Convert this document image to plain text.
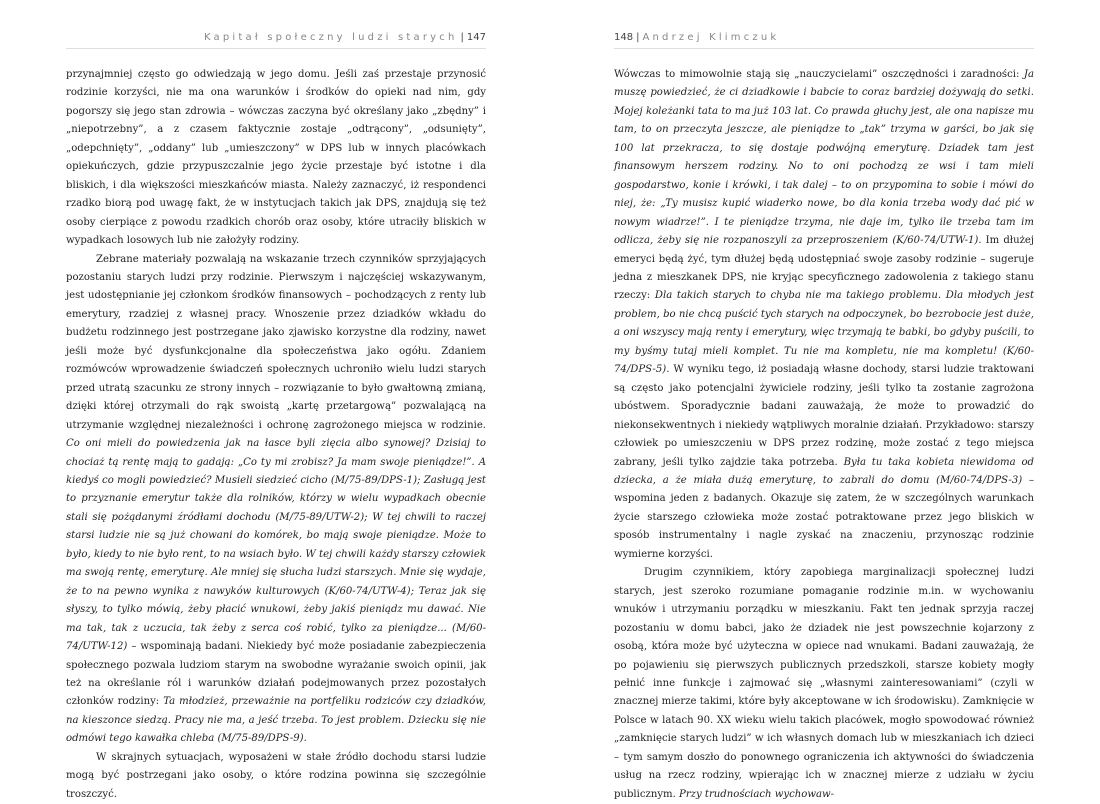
Kapitał społeczny ludzi starych | 147

przynajmniej często go odwiedzają w jego domu. Jeśli zaś przestaje przynosić rodzinie korzyści, nie ma ona warunków i środków do opieki nad nim, gdy pogorszy się jego stan zdrowia – wówczas zaczyna być określany jako „zbędny” i „niepotrzebny”, a z czasem faktycznie zostaje „odtrącony”, „odsunięty”, „odepchnięty”, „oddany” lub „umieszczony” w DPS lub w innych placówkach opiekuńczych, gdzie przypuszczalnie jego życie przestaje być istotne i dla bliskich, i dla większości mieszkańców miasta. Należy zaznaczyć, iż respondenci rzadko biorą pod uwagę fakt, że w instytucjach takich jak DPS, znajdują się też osoby cierpiące z powodu rzadkich chorób oraz osoby, które utraciły bliskich w wypadkach losowych lub nie założyły rodziny.

Zebrane materiały pozwalają na wskazanie trzech czynników sprzyjających pozostaniu starych ludzi przy rodzinie. Pierwszym i najczęściej wskazywanym, jest udostępnianie jej członkom środków finansowych – pochodzących z renty lub emerytury, rzadziej z własnej pracy. Wnoszenie przez dziadków wkładu do budżetu rodzinnego jest postrzegane jako zjawisko korzystne dla rodziny, nawet jeśli może być dysfunkcjonalne dla społeczeństwa jako ogółu. Zdaniem rozmówców wprowadzenie świadczeń społecznych uchroniło wielu ludzi starych przed utratą szacunku ze strony innych – rozwiązanie to było gwałtowną zmianą, dzięki której otrzymali do rąk swoistą „kartę przetargową” pozwalającą na utrzymanie względnej niezależności i ochronę zagrożonego miejsca w rodzinie. Co oni mieli do powiedzenia jak na łasce byli zięcia albo synowej? Dzisiaj to chociaż tą rentę mają to gadają: „Co ty mi zrobisz? Ja mam swoje pieniądze!”. A kiedyś co mogli powiedzieć? Musieli siedzieć cicho (M/75-89/DPS-1); Zasługą jest to przyznanie emerytur także dla rolników, którzy w wielu wypadkach obecnie stali się pożądanymi źródłami dochodu (M/75-89/UTW-2); W tej chwili to raczej starsi ludzie nie są już chowani do komórek, bo mają swoje pieniądze. Może to było, kiedy to nie było rent, to na wsiach było. W tej chwili każdy starszy człowiek ma swoją rentę, emeryturę. Ale mniej się słucha ludzi starszych. Mnie się wydaje, że to na pewno wynika z nawyków kulturowych (K/60-74/UTW-4); Teraz jak się słyszy, to tylko mówią, żeby płacić wnukowi, żeby jakiś pieniądz mu dawać. Nie ma tak, tak z uczucia, tak żeby z serca coś robić, tylko za pieniądze... (M/60-74/UTW-12) – wspominają badani. Niekiedy być może posiadanie zabezpieczenia społecznego pozwala ludziom starym na swobodne wyrażanie swoich opinii, jak też na określanie ról i warunków działań podejmowanych przez pozostałych członków rodziny: Ta młodzież, przeważnie na portfeliku rodziców czy dziadków, na kieszonce siedzą. Pracy nie ma, a jeść trzeba. To jest problem. Dziecku się nie odmówi tego kawałka chleba (M/75-89/DPS-9).

W skrajnych sytuacjach, wyposażeni w stałe źródło dochodu starsi ludzie mogą być postrzegani jako osoby, o które rodzina powinna się szczególnie troszczyć.

148 | Andrzej Klimczuk

Wówczas to mimowolnie stają się „nauczycielami” oszczędności i zaradności: Ja muszę powiedzieć, że ci dziadkowie i babcie to coraz bardziej dożywają do setki. Mojej koleżanki tata to ma już 103 lat. Co prawda głuchy jest, ale ona napisze mu tam, to on przeczyta jeszcze, ale pieniądze to „tak” trzyma w garści, bo jak się 100 lat przekracza, to się dostaje podwójną emeryturę. Dziadek tam jest finansowym herszem rodziny. No to oni pochodzą ze wsi i tam mieli gospodarstwo, konie i krówki, i tak dalej – to on przypomina to sobie i mówi do niej, że: „Ty musisz kupić wiaderko nowe, bo dla konia trzeba wody dać pić w nowym wiadrze!”. I te pieniądze trzyma, nie daje im, tylko ile trzeba tam im odlicza, żeby się nie rozpanoszyli za przeproszeniem (K/60-74/UTW-1). Im dłużej emeryci będą żyć, tym dłużej będą udostępniać swoje zasoby rodzinie – sugeruje jedna z mieszkanek DPS, nie kryjąc specyficznego zadowolenia z takiego stanu rzeczy: Dla takich starych to chyba nie ma takiego problemu. Dla młodych jest problem, bo nie chcą puścić tych starych na odpoczynek, bo bezrobocie jest duże, a oni wszyscy mają renty i emerytury, więc trzymają te babki, bo gdyby puścili, to my byśmy tutaj mieli komplet. Tu nie ma kompletu, nie ma kompletu! (K/60-74/DPS-5). W wyniku tego, iż posiadają własne dochody, starsi ludzie traktowani są często jako potencjalni żywiciele rodziny, jeśli tylko ta zostanie zagrożona ubóstwem. Sporadycznie badani zauważają, że może to prowadzić do niekonsekwentnych i niekiedy wątpliwych moralnie działań. Przykładowo: starszy człowiek po umieszczeniu w DPS przez rodzinę, może zostać z tego miejsca zabrany, jeśli tylko zajdzie taka potrzeba. Była tu taka kobieta niewidoma od dziecka, a że miała dużą emeryturę, to zabrali do domu (M/60-74/DPS-3) – wspomina jeden z badanych. Okazuje się zatem, że w szczególnych warunkach życie starszego człowieka może zostać potraktowane przez jego bliskich w sposób instrumentalny i nagle zyskać na znaczeniu, przynosząc rodzinie wymierne korzyści.

Drugim czynnikiem, który zapobiega marginalizacji społecznej ludzi starych, jest szeroko rozumiane pomaganie rodzinie m.in. w wychowaniu wnuków i utrzymaniu porządku w mieszkaniu. Fakt ten jednak sprzyja raczej pozostaniu w domu babci, jako że dziadek nie jest powszechnie kojarzony z osobą, która może być użyteczna w opiece nad wnukami. Badani zauważają, że po pojawieniu się pierwszych publicznych przedszkoli, starsze kobiety mogły pełnić inne funkcje i zajmować się „własnymi zainteresowaniami” (czyli w znacznej mierze takimi, które były akceptowane w ich środowisku). Zamknięcie w Polsce w latach 90. XX wieku wielu takich placówek, mogło spowodować również „zamknięcie starych ludzi” w ich własnych domach lub w mieszkaniach ich dzieci – tym samym doszło do ponownego ograniczenia ich aktywności do świadczenia usług na rzecz rodziny, wpierając ich w znacznej mierze z udziału w życiu publicznym. Przy trudnościach wychowaw-
